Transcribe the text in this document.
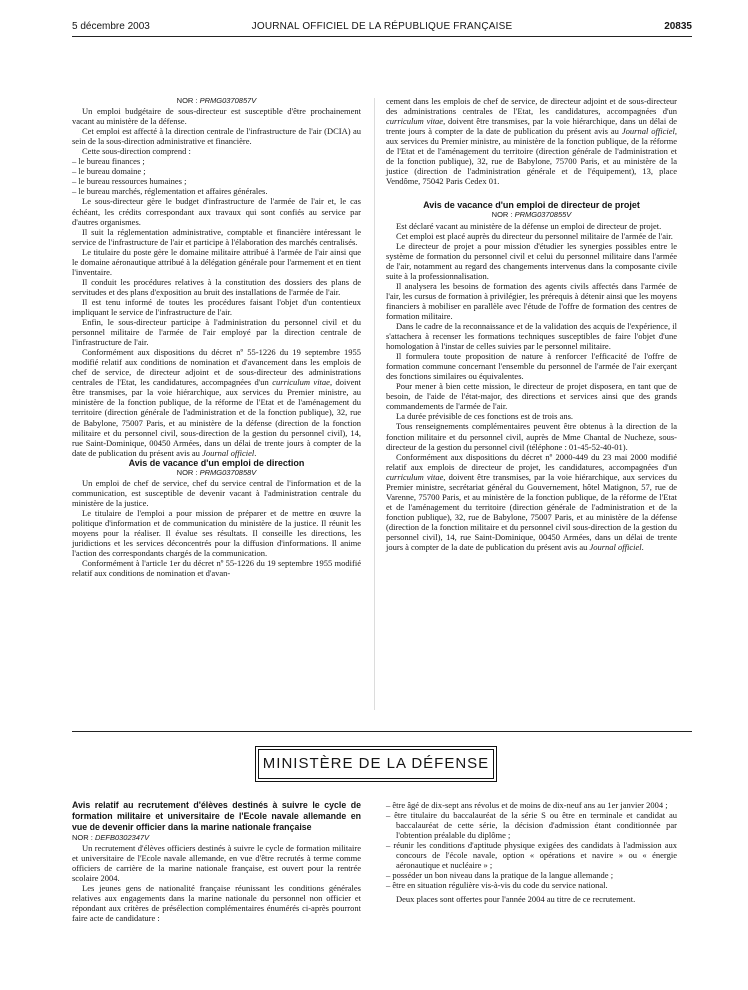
5 décembre 2003	JOURNAL OFFICIEL DE LA RÉPUBLIQUE FRANÇAISE	20835

NOR : PRMG0370857V

Un emploi budgétaire de sous-directeur est susceptible d'être prochainement vacant au ministère de la défense.

Cet emploi est affecté à la direction centrale de l'infrastructure de l'air (DCIA) au sein de la sous-direction administrative et financière.

Cette sous-direction comprend :

– le bureau finances ;

– le bureau domaine ;

– le bureau ressources humaines ;

– le bureau marchés, réglementation et affaires générales.

Le sous-directeur gère le budget d'infrastructure de l'armée de l'air et, le cas échéant, les crédits correspondant aux travaux qui sont confiés au service par d'autres organismes.

Il suit la réglementation administrative, comptable et financière intéressant le service de l'infrastructure de l'air et participe à l'élaboration des marchés centralisés.

Le titulaire du poste gère le domaine militaire attribué à l'armée de l'air ainsi que le domaine aéronautique attribué à la délégation générale pour l'armement et en tient l'inventaire.

Il conduit les procédures relatives à la constitution des dossiers des plans de servitudes et des plans d'exposition au bruit des installations de l'armée de l'air.

Il est tenu informé de toutes les procédures faisant l'objet d'un contentieux impliquant le service de l'infrastructure de l'air.

Enfin, le sous-directeur participe à l'administration du personnel civil et du personnel militaire de l'armée de l'air employé par la direction centrale de l'infrastructure de l'air.

Conformément aux dispositions du décret nº 55-1226 du 19 septembre 1955 modifié relatif aux conditions de nomination et d'avancement dans les emplois de chef de service, de directeur adjoint et de sous-directeur des administrations centrales de l'Etat, les candidatures, accompagnées d'un curriculum vitae, doivent être transmises, par la voie hiérarchique, aux services du Premier ministre, au ministère de la fonction publique, de la réforme de l'Etat et de l'aménagement du territoire (direction générale de l'administration et de la fonction publique), 32, rue de Babylone, 75007 Paris, et au ministère de la défense (direction de la fonction militaire et du personnel civil, sous-direction de la gestion du personnel civil), 14, rue Saint-Dominique, 00450 Armées, dans un délai de trente jours à compter de la date de publication du présent avis au Journal officiel.

Avis de vacance d'un emploi de direction

NOR : PRMG0370858V

Un emploi de chef de service, chef du service central de l'information et de la communication, est susceptible de devenir vacant à l'administration centrale du ministère de la justice.

Le titulaire de l'emploi a pour mission de préparer et de mettre en œuvre la politique d'information et de communication du ministère de la justice. Il réunit les moyens pour la réaliser. Il évalue ses résultats. Il conseille les directions, les juridictions et les services déconcentrés pour la diffusion d'informations. Il anime l'action des correspondants chargés de la communication.

Conformément à l'article 1er du décret nº 55-1226 du 19 septembre 1955 modifié relatif aux conditions de nomination et d'avan-

cement dans les emplois de chef de service, de directeur adjoint et de sous-directeur des administrations centrales de l'Etat, les candidatures, accompagnées d'un curriculum vitae, doivent être transmises, par la voie hiérarchique, dans un délai de trente jours à compter de la date de publication du présent avis au Journal officiel, aux services du Premier ministre, au ministère de la fonction publique, de la réforme de l'Etat et de l'aménagement du territoire (direction générale de l'administration et de la fonction publique), 32, rue de Babylone, 75700 Paris, et au ministère de la justice (direction de l'administration générale et de l'équipement), 13, place Vendôme, 75042 Paris Cedex 01.

Avis de vacance d'un emploi de directeur de projet

NOR : PRMG0370855V

Est déclaré vacant au ministère de la défense un emploi de directeur de projet.

Cet emploi est placé auprès du directeur du personnel militaire de l'armée de l'air.

Le directeur de projet a pour mission d'étudier les synergies possibles entre le système de formation du personnel civil et celui du personnel militaire dans l'armée de l'air, notamment au regard des changements intervenus dans la composante civile suite à la professionnalisation.

Il analysera les besoins de formation des agents civils affectés dans l'armée de l'air, les cursus de formation à privilégier, les prérequis à détenir ainsi que les moyens financiers à mobiliser en parallèle avec l'étude de l'offre de formation des centres de formation militaire.

Dans le cadre de la reconnaissance et de la validation des acquis de l'expérience, il s'attachera à recenser les formations techniques susceptibles de faire l'objet d'une homologation à l'instar de celles suivies par le personnel militaire.

Il formulera toute proposition de nature à renforcer l'efficacité de l'offre de formation commune concernant l'ensemble du personnel de l'armée de l'air exerçant des fonctions similaires ou équivalentes.

Pour mener à bien cette mission, le directeur de projet disposera, en tant que de besoin, de l'aide de l'état-major, des directions et services ainsi que des grands commandements de l'armée de l'air.

La durée prévisible de ces fonctions est de trois ans.

Tous renseignements complémentaires peuvent être obtenus à la direction de la fonction militaire et du personnel civil, auprès de Mme Chantal de Nucheze, sous-directeur de la gestion du personnel civil (téléphone : 01-45-52-40-01).

Conformément aux dispositions du décret nº 2000-449 du 23 mai 2000 modifié relatif aux emplois de directeur de projet, les candidatures, accompagnées d'un curriculum vitae, doivent être transmises, par la voie hiérarchique, aux services du Premier ministre, secrétariat général du Gouvernement, hôtel Matignon, 57, rue de Varenne, 75700 Paris, et au ministère de la fonction publique, de la réforme de l'Etat et de l'aménagement du territoire (direction générale de l'administration et de la fonction publique), 32, rue de Babylone, 75007 Paris, et au ministère de la défense (direction de la fonction militaire et du personnel civil sous-direction de la gestion du personnel civil), 14, rue Saint-Dominique, 00450 Armées, dans un délai de trente jours à compter de la date de publication du présent avis au Journal officiel.

MINISTÈRE DE LA DÉFENSE

Avis relatif au recrutement d'élèves destinés à suivre le cycle de formation militaire et universitaire de l'Ecole navale allemande en vue de devenir officier dans la marine nationale française

NOR : DEFB0302347V

Un recrutement d'élèves officiers destinés à suivre le cycle de formation militaire et universitaire de l'Ecole navale allemande, en vue d'être recrutés à terme comme officiers de carrière de la marine nationale française, est ouvert pour la rentrée scolaire 2004.

Les jeunes gens de nationalité française réunissant les conditions générales relatives aux engagements dans la marine nationale du personnel non officier et répondant aux critères de présélection complémentaires énumérés ci-après pourront faire acte de candidature :

– être âgé de dix-sept ans révolus et de moins de dix-neuf ans au 1er janvier 2004 ;

– être titulaire du baccalauréat de la série S ou être en terminale et candidat au baccalauréat de cette série, la décision d'admission étant conditionnée par l'obtention préalable du diplôme ;

– réunir les conditions d'aptitude physique exigées des candidats à l'admission aux concours de l'école navale, option « opérations et navire » ou « énergie aéronautique et nucléaire » ;

– posséder un bon niveau dans la pratique de la langue allemande ;

– être en situation régulière vis-à-vis du code du service national.

Deux places sont offertes pour l'année 2004 au titre de ce recrutement.
